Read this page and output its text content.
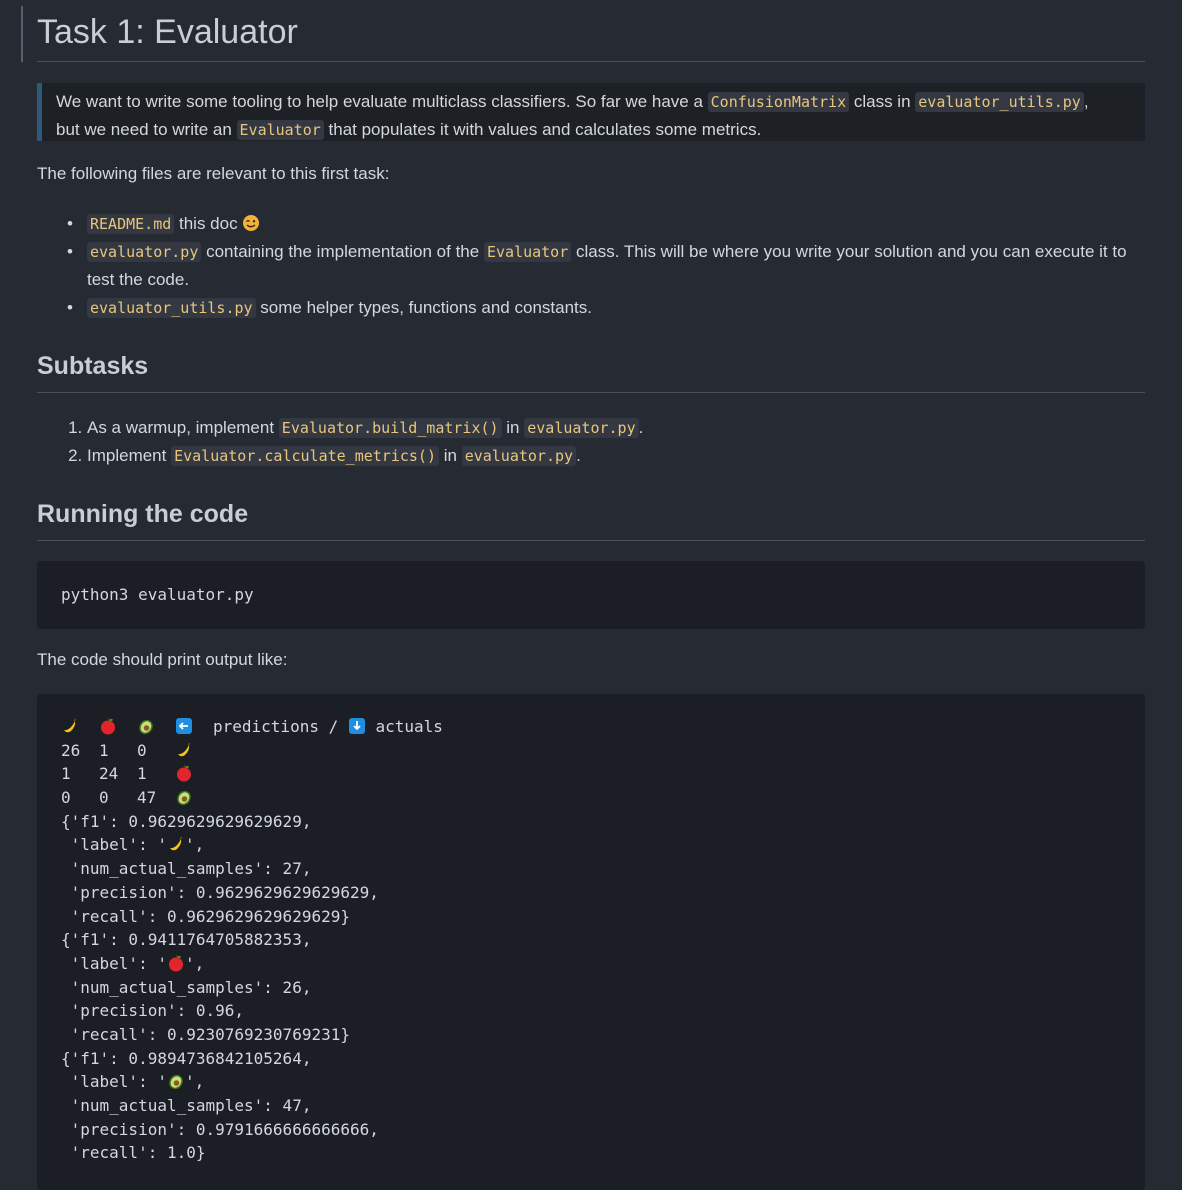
Task 1: Evaluator
We want to write some tooling to help evaluate multiclass classifiers. So far we have a ConfusionMatrix class in evaluator_utils.py ,
but we need to write an Evaluator that populates it with values and calculates some metrics.
The following files are relevant to this first task:
• README.md this doc
• evaluator.py containing the implementation of the Evaluator class. This will be where you write your solution and you can execute it to test the code.
• evaluator_utils.py some helper types, functions and constants.
Subtasks
1. As a warmup, implement Evaluator.build_matrix() in evaluator.py .
2. Implement Evaluator.calculate_metrics() in evaluator.py .
Running the code
python3 evaluator.py
The code should print output like:
predictions /  actuals
26 1 0
1 24 1
0 0 47
{'f1': 0.9629629629629629,
'label': ' ',
'num_actual_samples': 27,
'precision': 0.9629629629629629,
'recall': 0.9629629629629629}
{'f1': 0.9411764705882353,
'label': ' ',
'num_actual_samples': 26,
'precision': 0.96,
'recall': 0.9230769230769231}
{'f1': 0.9894736842105264,
'label': ' ',
'num_actual_samples': 47,
'precision': 0.9791666666666666,
'recall': 1.0}
